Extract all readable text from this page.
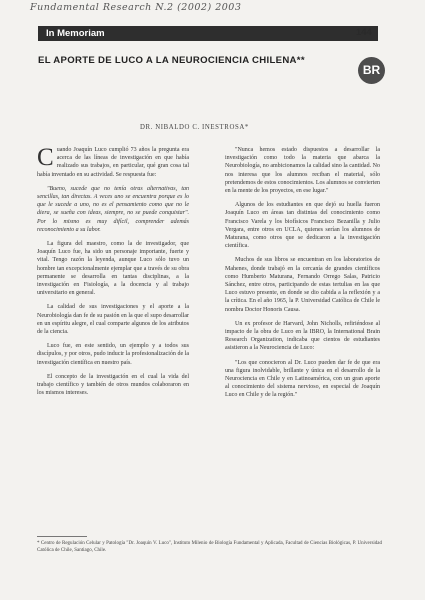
Fundamental Research N.2 (2002) 2003
In Memoriam	144
EL APORTE DE LUCO A LA NEUROCIENCIA CHILENA**
BR
DR. NIBALDO C. INESTROSA*

Cuando Joaquín Luco cumplió 73 años la pregunta era acerca de las líneas de investigación en que había realizado sus trabajos, en particular, qué gran cosa tal había inventado en su actividad. Se respuesta fue:

"Bueno, sucede que no tenía otras alternativas, tan sencillas, tan directas. A veces uno se encuentra porque es lo que le sucede a uno, no es el pensamiento como que no le diera, se sueña con ideas, siempre, no se puede conquistar". Por lo mismo es muy difícil, comprender además reconocimiento a su labor.

La figura del maestro, como la de investigador, que Joaquín Luco fue, ha sido un personaje importante, fuerte y vital. Tengo razón la leyenda, aunque Luco sólo tuvo un hombre tan excepcionalmente ejemplar que a través de su obra permanente se desarrolla en tantas disciplinas, a la investigación en Fisiología, a la docencia y al trabajo universitario en general.

La calidad de sus investigaciones y el aporte a la Neurobiología dan fe de su pasión en la que el supo desarrollar en un espíritu alegre, el cual comparte algunos de los atributos de la ciencia.

Luco fue, en este sentido, un ejemplo y a todos sus discípulos, y por otros, pudo inducir la profesionalización de la investigación científica en nuestro país.

El concepto de la investigación en el cual la vida del trabajo científico y también de otros mundos colaboraron en los mismos intereses.

"Nunca hemos estado dispuestos a desarrollar la investigación como todo la materia que abarca la Neurobiología, no ambicionamos la calidad sino la cantidad. No nos interesa que los alumnos reciban el material, sólo pretendemos de estos conocimientos. Los alumnos se convierten en la mente de los proyectos, en ese lugar."

Algunos de los estudiantes en que dejó su huella fueron Joaquín Luco en áreas tan distintas del conocimiento como Francisco Varela y los biofísicos Francisco Bezanilla y Julio Vergara, entre otros en UCLA, quienes serían los alumnos de Maturana, como otros que se dedicaron a la investigación científica.

Muchos de sus libros se encuentran en los laboratorios de Mahenes, donde trabajó en la cercanía de grandes científicos como Humberto Maturana, Fernando Orrego Salas, Patricio Sánchez, entre otros, participando de estas tertulias en las que Luco estuvo presente, en donde se dio cabida a la reflexión y a la crítica. En el año 1965, la P. Universidad Católica de Chile le nombra Doctor Honoris Causa.

Un ex profesor de Harvard, John Nicholls, refiriéndose al impacto de la obra de Luco en la IBRO, la International Brain Research Organization, indicaba que cientos de estudiantes asistieron a la Neurociencia de Luco:

"Los que conocieron al Dr. Luco pueden dar fe de que era una figura inolvidable, brillante y única en el desarrollo de la Neurociencia en Chile y en Latinoamérica, con un gran aporte al conocimiento del sistema nervioso, en especial de Joaquín Luco en Chile y de la región."

* Centro de Regulación Celular y Patología "Dr. Joaquín V. Luco", Instituto Milenio de Biología Fundamental y Aplicada, Facultad de Ciencias Biológicas, P. Universidad Católica de Chile, Santiago, Chile.
